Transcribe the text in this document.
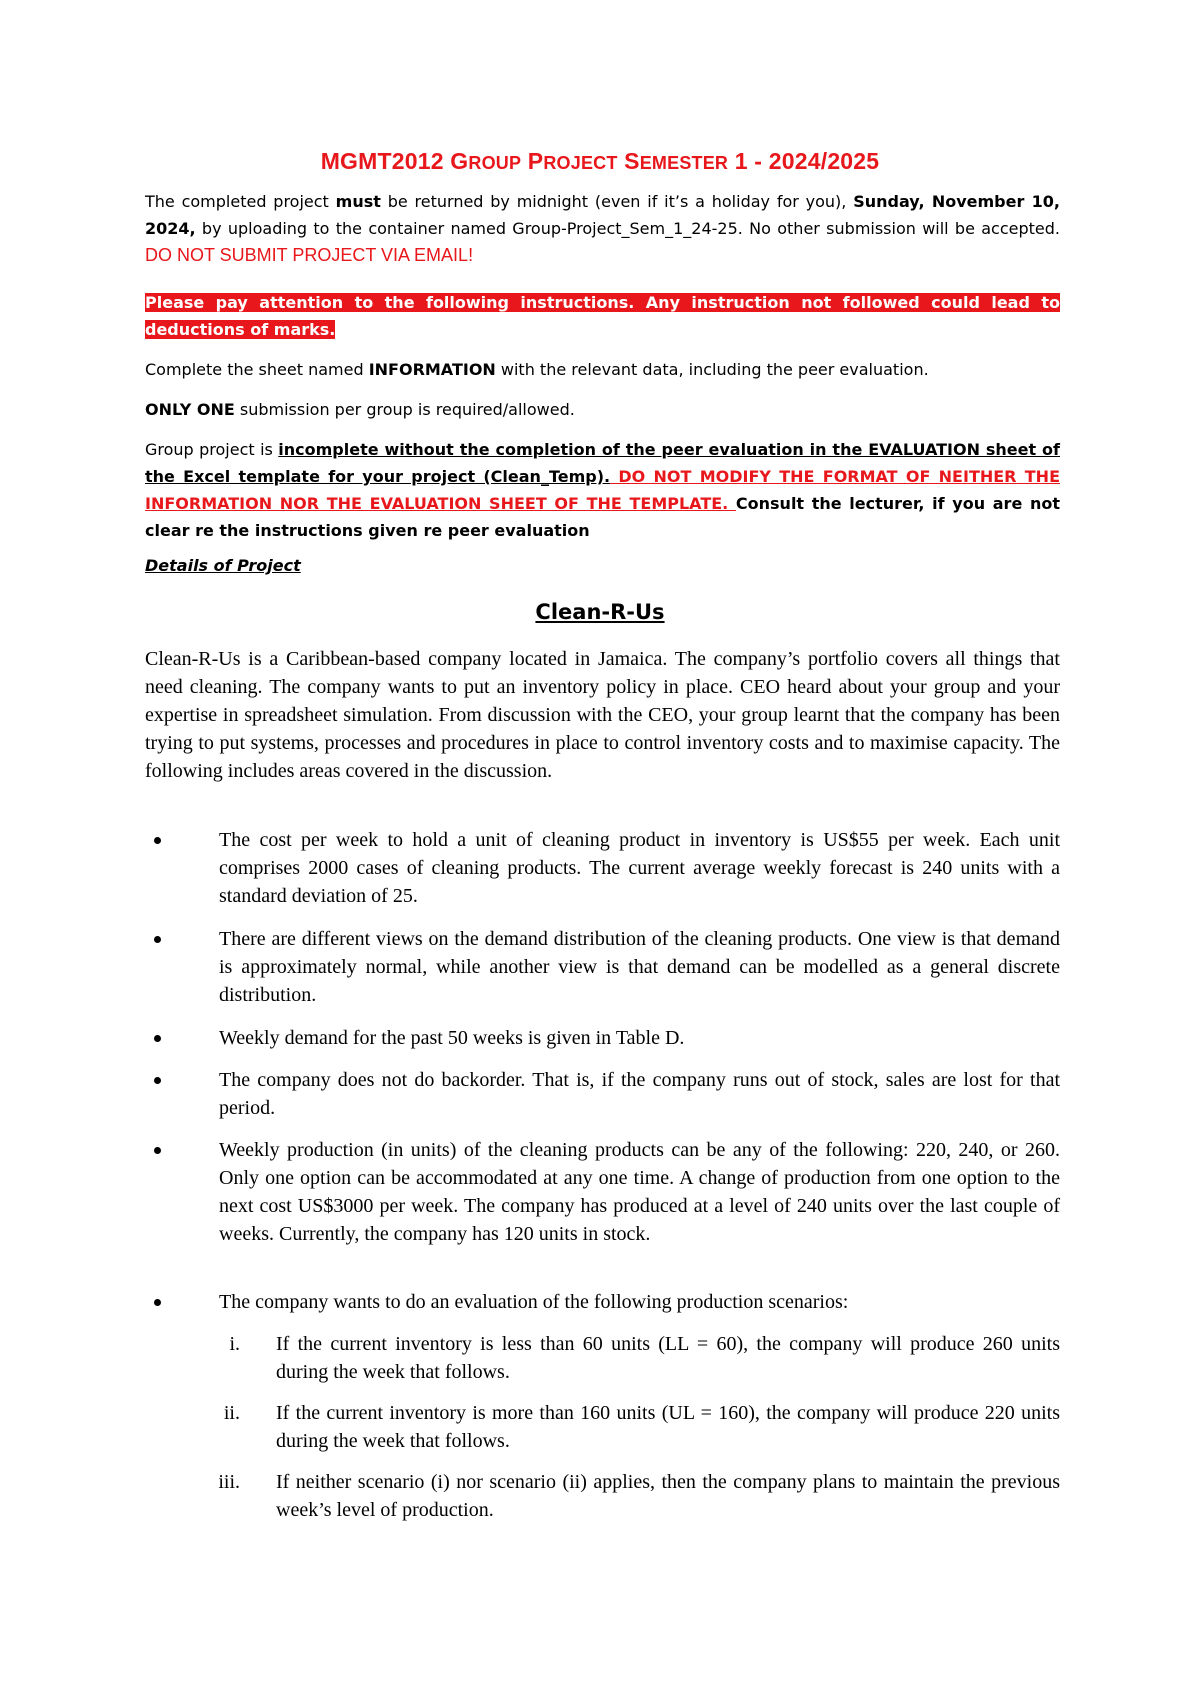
MGMT2012 GROUP PROJECT SEMESTER 1 - 2024/2025
The completed project must be returned by midnight (even if it’s a holiday for you), Sunday, November 10, 2024, by uploading to the container named Group-Project_Sem_1_24-25. No other submission will be accepted. DO NOT SUBMIT PROJECT VIA EMAIL!
Please pay attention to the following instructions. Any instruction not followed could lead to
deductions of marks.
Complete the sheet named INFORMATION with the relevant data, including the peer evaluation.
ONLY ONE submission per group is required/allowed.
Group project is incomplete without the completion of the peer evaluation in the EVALUATION sheet of the Excel template for your project (Clean_Temp). DO NOT MODIFY THE FORMAT OF NEITHER THE INFORMATION NOR THE EVALUATION SHEET OF THE TEMPLATE. Consult the lecturer, if you are not clear re the instructions given re peer evaluation
Details of Project
Clean-R-Us
Clean-R-Us is a Caribbean-based company located in Jamaica. The company’s portfolio covers all things that need cleaning. The company wants to put an inventory policy in place. CEO heard about your group and your expertise in spreadsheet simulation. From discussion with the CEO, your group learnt that the company has been trying to put systems, processes and procedures in place to control inventory costs and to maximise capacity. The following includes areas covered in the discussion.
The cost per week to hold a unit of cleaning product in inventory is US$55 per week. Each unit comprises 2000 cases of cleaning products. The current average weekly forecast is 240 units with a standard deviation of 25.
There are different views on the demand distribution of the cleaning products. One view is that demand is approximately normal, while another view is that demand can be modelled as a general discrete distribution.
Weekly demand for the past 50 weeks is given in Table D.
The company does not do backorder. That is, if the company runs out of stock, sales are lost for that period.
Weekly production (in units) of the cleaning products can be any of the following: 220, 240, or 260. Only one option can be accommodated at any one time. A change of production from one option to the next cost US$3000 per week. The company has produced at a level of 240 units over the last couple of weeks. Currently, the company has 120 units in stock.
The company wants to do an evaluation of the following production scenarios:
i. If the current inventory is less than 60 units (LL = 60), the company will produce 260 units during the week that follows.
ii. If the current inventory is more than 160 units (UL = 160), the company will produce 220 units during the week that follows.
iii. If neither scenario (i) nor scenario (ii) applies, then the company plans to maintain the previous week’s level of production.
